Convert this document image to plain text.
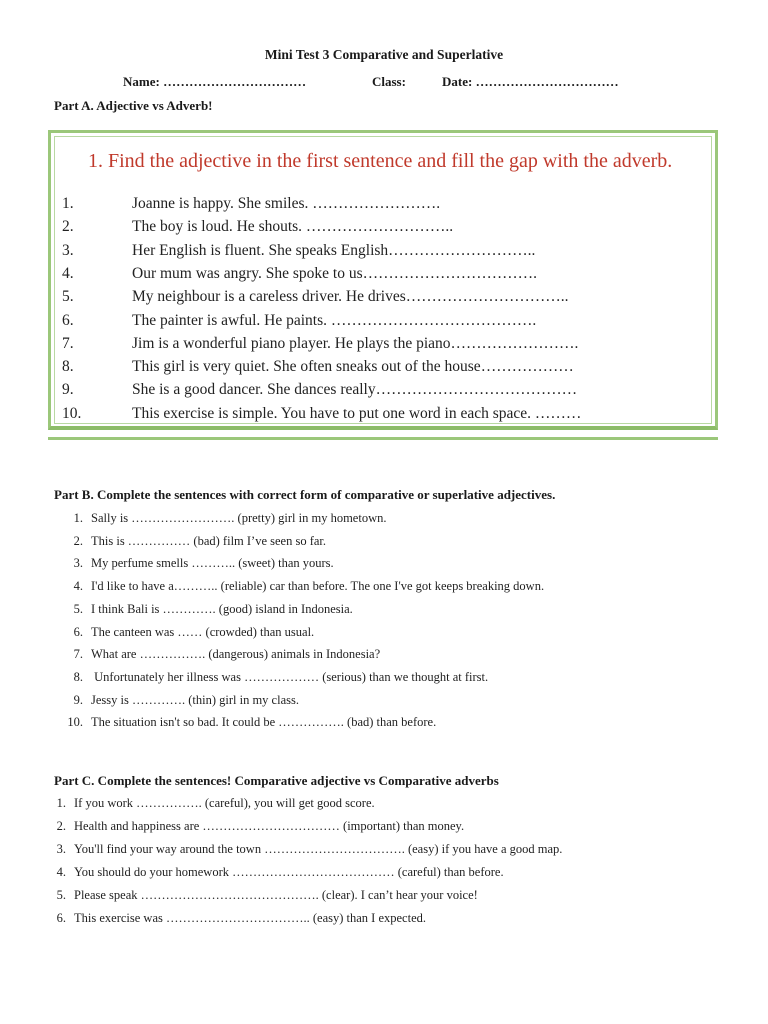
Mini Test 3 Comparative and Superlative
Name: ……………………………	Class:	Date: ……………………………
Part A. Adjective vs Adverb!
1. Find the adjective in the first sentence and fill the gap with the adverb.
1.	Joanne is happy. She smiles. …………………….
2.	The boy is loud. He shouts. ………………………..
3.	Her English is fluent. She speaks English………………………..
4.	Our mum was angry. She spoke to us…………………………….
5.	My neighbour is a careless driver. He drives…………………………..
6.	The painter is awful. He paints. ………………………………….
7.	Jim is a wonderful piano player. He plays the piano…………………….
8.	This girl is very quiet. She often sneaks out of the house………………
9.	She is a good dancer. She dances really…………………………………
10.	This exercise is simple. You have to put one word in each space. ………
Part B. Complete the sentences with correct form of comparative or superlative adjectives.
1. Sally is ……………………. (pretty) girl in my hometown.
2. This is …………… (bad) film I’ve seen so far.
3. My perfume smells ……….. (sweet) than yours.
4. I'd like to have a……….. (reliable) car than before. The one I've got keeps breaking down.
5. I think Bali is …………. (good) island in Indonesia.
6. The canteen was …… (crowded) than usual.
7. What are ……………. (dangerous) animals in Indonesia?
8. Unfortunately her illness was ……………… (serious) than we thought at first.
9. Jessy is …………. (thin) girl in my class.
10. The situation isn't so bad. It could be ……………. (bad) than before.
Part C. Complete the sentences! Comparative adjective vs Comparative adverbs
1. If you work ……………. (careful), you will get good score.
2. Health and happiness are …………………………… (important) than money.
3. You'll find your way around the town ……………………………. (easy) if you have a good map.
4. You should do your homework ………………………………… (careful) than before.
5. Please speak ……………………………………. (clear). I can’t hear your voice!
6. This exercise was …………………………….. (easy) than I expected.
